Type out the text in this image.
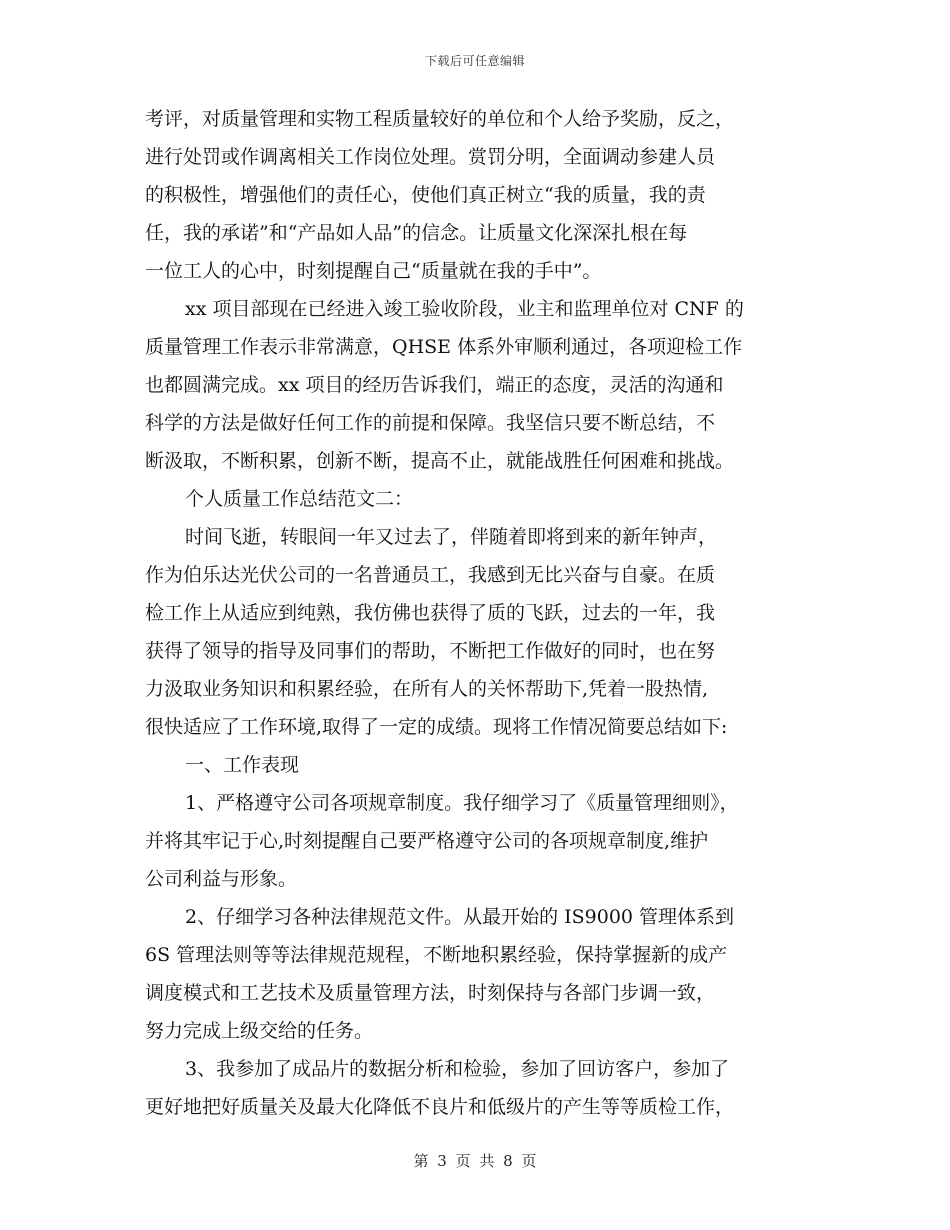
下载后可任意编辑
考评，对质量管理和实物工程质量较好的单位和个人给予奖励，反之，
进行处罚或作调离相关工作岗位处理。赏罚分明，全面调动参建人员
的积极性，增强他们的责任心，使他们真正树立“我的质量，我的责
任，我的承诺”和“产品如人品”的信念。让质量文化深深扎根在每
一位工人的心中，时刻提醒自己“质量就在我的手中”。
xx 项目部现在已经进入竣工验收阶段，业主和监理单位对 CNF 的
质量管理工作表示非常满意，QHSE 体系外审顺利通过，各项迎检工作
也都圆满完成。xx 项目的经历告诉我们，端正的态度，灵活的沟通和
科学的方法是做好任何工作的前提和保障。我坚信只要不断总结，不
断汲取，不断积累，创新不断，提高不止，就能战胜任何困难和挑战。
个人质量工作总结范文二：
时间飞逝，转眼间一年又过去了，伴随着即将到来的新年钟声，
作为伯乐达光伏公司的一名普通员工，我感到无比兴奋与自豪。在质
检工作上从适应到纯熟，我仿佛也获得了质的飞跃，过去的一年，我
获得了领导的指导及同事们的帮助，不断把工作做好的同时，也在努
力汲取业务知识和积累经验，在所有人的关怀帮助下,凭着一股热情,
很快适应了工作环境,取得了一定的成绩。现将工作情况简要总结如下:
一、工作表现
1、严格遵守公司各项规章制度。我仔细学习了《质量管理细则》，
并将其牢记于心,时刻提醒自己要严格遵守公司的各项规章制度,维护
公司利益与形象。
2、仔细学习各种法律规范文件。从最开始的 IS9000 管理体系到
6S 管理法则等等法律规范规程，不断地积累经验，保持掌握新的成产
调度模式和工艺技术及质量管理方法，时刻保持与各部门步调一致，
努力完成上级交给的任务。
3、我参加了成品片的数据分析和检验，参加了回访客户，参加了
更好地把好质量关及最大化降低不良片和低级片的产生等等质检工作，
第 3 页 共 8 页
